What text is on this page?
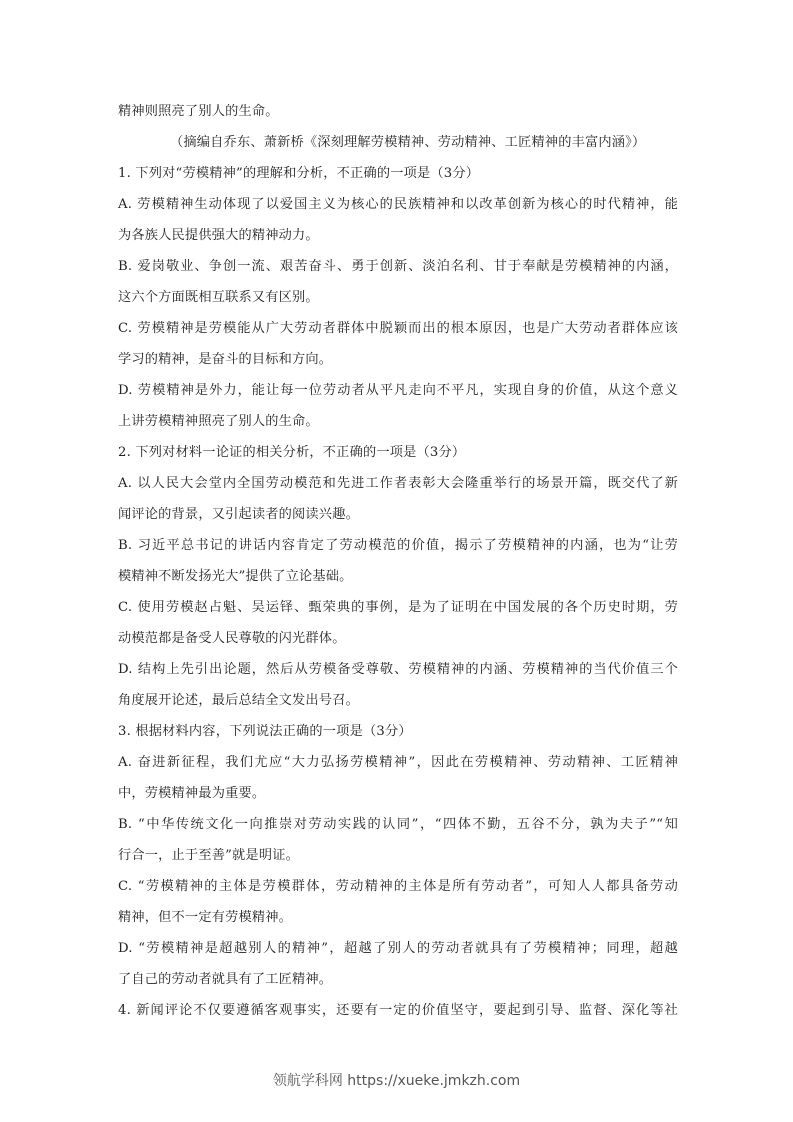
精神则照亮了别人的生命。
（摘编自乔东、萧新桥《深刻理解劳模精神、劳动精神、工匠精神的丰富内涵》）
1. 下列对“劳模精神”的理解和分析，不正确的一项是（3分）
A. 劳模精神生动体现了以爱国主义为核心的民族精神和以改革创新为核心的时代精神，能
为各族人民提供强大的精神动力。
B. 爱岗敬业、争创一流、艰苦奋斗、勇于创新、淡泊名利、甘于奉献是劳模精神的内涵，
这六个方面既相互联系又有区别。
C. 劳模精神是劳模能从广大劳动者群体中脱颖而出的根本原因，也是广大劳动者群体应该
学习的精神，是奋斗的目标和方向。
D. 劳模精神是外力，能让每一位劳动者从平凡走向不平凡，实现自身的价值，从这个意义
上讲劳模精神照亮了别人的生命。
2. 下列对材料一论证的相关分析，不正确的一项是（3分）
A. 以人民大会堂内全国劳动模范和先进工作者表彰大会隆重举行的场景开篇，既交代了新
闻评论的背景，又引起读者的阅读兴趣。
B. 习近平总书记的讲话内容肯定了劳动模范的价值，揭示了劳模精神的内涵，也为“让劳
模精神不断发扬光大”提供了立论基础。
C. 使用劳模赵占魁、吴运铎、甄荣典的事例，是为了证明在中国发展的各个历史时期，劳
动模范都是备受人民尊敬的闪光群体。
D. 结构上先引出论题，然后从劳模备受尊敬、劳模精神的内涵、劳模精神的当代价值三个
角度展开论述，最后总结全文发出号召。
3. 根据材料内容，下列说法正确的一项是（3分）
A. 奋进新征程，我们尤应“大力弘扬劳模精神”，因此在劳模精神、劳动精神、工匠精神
中，劳模精神最为重要。
B. “中华传统文化一向推崇对劳动实践的认同”，“四体不勤，五谷不分，孰为夫子”“知
行合一，止于至善”就是明证。
C. “劳模精神的主体是劳模群体，劳动精神的主体是所有劳动者”，可知人人都具备劳动
精神，但不一定有劳模精神。
D. “劳模精神是超越别人的精神”，超越了别人的劳动者就具有了劳模精神；同理，超越
了自己的劳动者就具有了工匠精神。
4. 新闻评论不仅要遵循客观事实，还要有一定的价值坚守，要起到引导、监督、深化等社
领航学科网 https://xueke.jmkzh.com
